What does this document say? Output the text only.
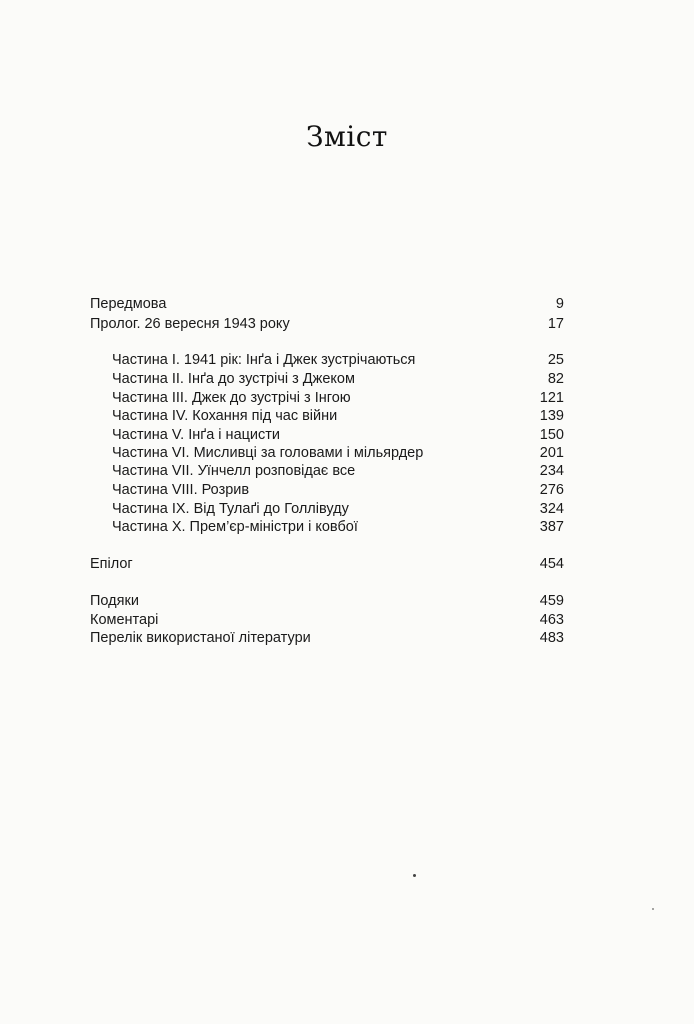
Зміст
Передмова	9
Пролог. 26 вересня 1943 року	17
Частина I. 1941 рік: Інґа і Джек зустрічаються	25
Частина II. Інґа до зустрічі з Джеком	82
Частина III. Джек до зустрічі з Інгою	121
Частина IV. Кохання під час війни	139
Частина V. Інґа і нацисти	150
Частина VI. Мисливці за головами і мільярдер	201
Частина VII. Уїнчелл розповідає все	234
Частина VIII. Розрив	276
Частина IX. Від Тулаґі до Голлівуду	324
Частина X. Прем’єр-міністри і ковбої	387
Епілог	454
Подяки	459
Коментарі	463
Перелік використаної літератури	483
